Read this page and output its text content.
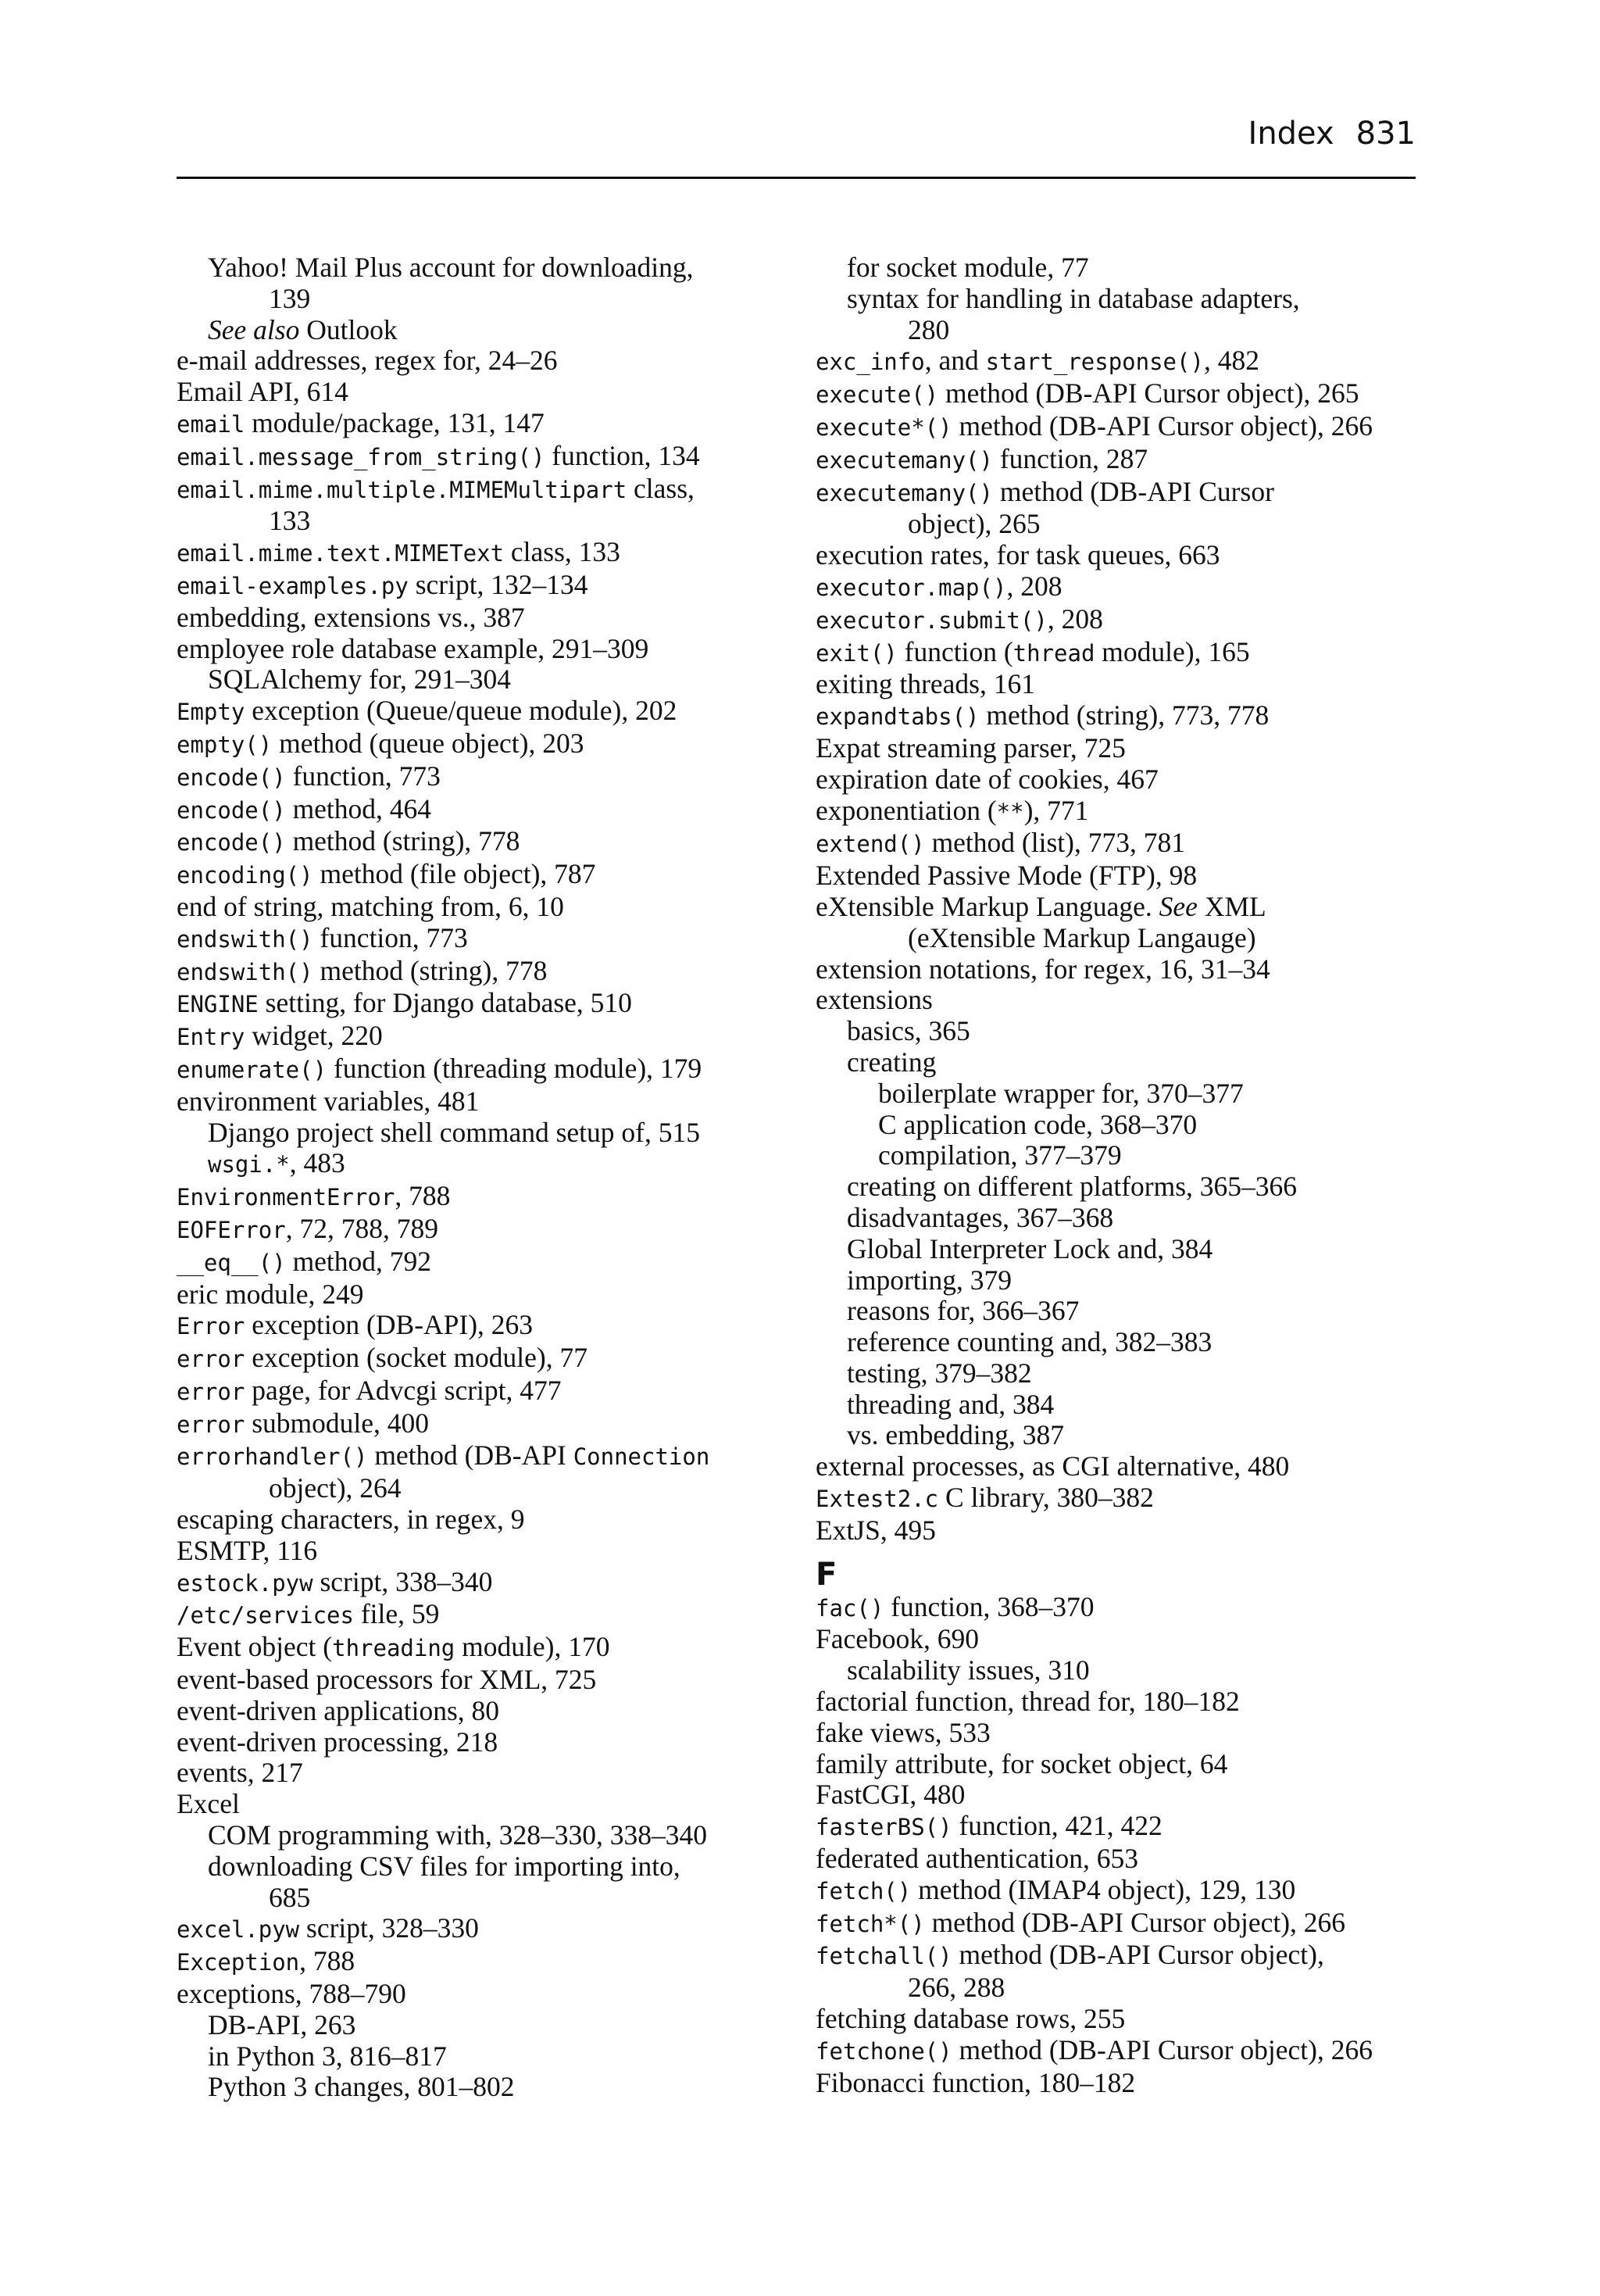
Index 831
Yahoo! Mail Plus account for downloading,
139
See also Outlook
e-mail addresses, regex for, 24–26
Email API, 614
email module/package, 131, 147
email.message_from_string() function, 134
email.mime.multiple.MIMEMultipart class,
133
email.mime.text.MIMEText class, 133
email-examples.py script, 132–134
embedding, extensions vs., 387
employee role database example, 291–309
SQLAlchemy for, 291–304
Empty exception (Queue/queue module), 202
empty() method (queue object), 203
encode() function, 773
encode() method, 464
encode() method (string), 778
encoding() method (file object), 787
end of string, matching from, 6, 10
endswith() function, 773
endswith() method (string), 778
ENGINE setting, for Django database, 510
Entry widget, 220
enumerate() function (threading module), 179
environment variables, 481
Django project shell command setup of, 515
wsgi.*, 483
EnvironmentError, 788
EOFError, 72, 788, 789
__eq__() method, 792
eric module, 249
Error exception (DB-API), 263
error exception (socket module), 77
error page, for Advcgi script, 477
error submodule, 400
errorhandler() method (DB-API Connection
object), 264
escaping characters, in regex, 9
ESMTP, 116
estock.pyw script, 338–340
/etc/services file, 59
Event object (threading module), 170
event-based processors for XML, 725
event-driven applications, 80
event-driven processing, 218
events, 217
Excel
COM programming with, 328–330, 338–340
downloading CSV files for importing into,
685
excel.pyw script, 328–330
Exception, 788
exceptions, 788–790
DB-API, 263
in Python 3, 816–817
Python 3 changes, 801–802
for socket module, 77
syntax for handling in database adapters,
280
exc_info, and start_response(), 482
execute() method (DB-API Cursor object), 265
execute*() method (DB-API Cursor object), 266
executemany() function, 287
executemany() method (DB-API Cursor
object), 265
execution rates, for task queues, 663
executor.map(), 208
executor.submit(), 208
exit() function (thread module), 165
exiting threads, 161
expandtabs() method (string), 773, 778
Expat streaming parser, 725
expiration date of cookies, 467
exponentiation (**), 771
extend() method (list), 773, 781
Extended Passive Mode (FTP), 98
eXtensible Markup Language. See XML
(eXtensible Markup Langauge)
extension notations, for regex, 16, 31–34
extensions
basics, 365
creating
boilerplate wrapper for, 370–377
C application code, 368–370
compilation, 377–379
creating on different platforms, 365–366
disadvantages, 367–368
Global Interpreter Lock and, 384
importing, 379
reasons for, 366–367
reference counting and, 382–383
testing, 379–382
threading and, 384
vs. embedding, 387
external processes, as CGI alternative, 480
Extest2.c C library, 380–382
ExtJS, 495
F
fac() function, 368–370
Facebook, 690
scalability issues, 310
factorial function, thread for, 180–182
fake views, 533
family attribute, for socket object, 64
FastCGI, 480
fasterBS() function, 421, 422
federated authentication, 653
fetch() method (IMAP4 object), 129, 130
fetch*() method (DB-API Cursor object), 266
fetchall() method (DB-API Cursor object),
266, 288
fetching database rows, 255
fetchone() method (DB-API Cursor object), 266
Fibonacci function, 180–182
